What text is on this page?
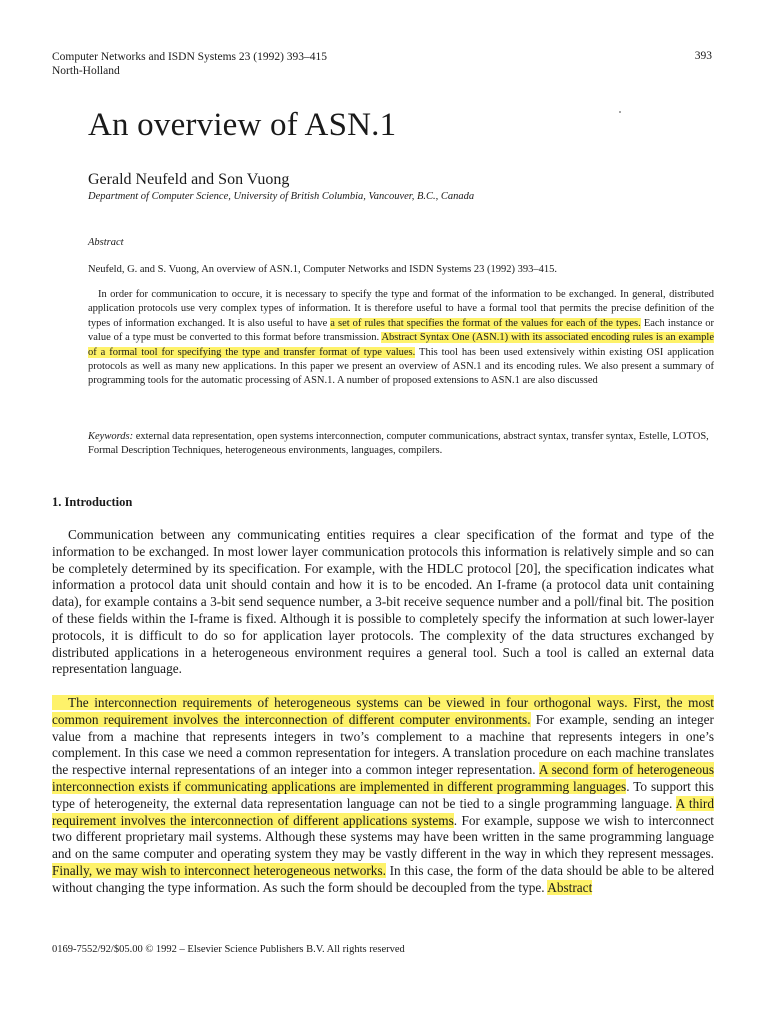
Computer Networks and ISDN Systems 23 (1992) 393–415
North-Holland
393
An overview of ASN.1
Gerald Neufeld and Son Vuong
Department of Computer Science, University of British Columbia, Vancouver, B.C., Canada
Abstract
Neufeld, G. and S. Vuong, An overview of ASN.1, Computer Networks and ISDN Systems 23 (1992) 393–415.
In order for communication to occure, it is necessary to specify the type and format of the information to be exchanged. In general, distributed application protocols use very complex types of information. It is therefore useful to have a formal tool that permits the precise definition of the types of information exchanged. It is also useful to have a set of rules that specifies the format of the values for each of the types. Each instance or value of a type must be converted to this format before transmission. Abstract Syntax One (ASN.1) with its associated encoding rules is an example of a formal tool for specifying the type and transfer format of type values. This tool has been used extensively within existing OSI application protocols as well as many new applications. In this paper we present an overview of ASN.1 and its encoding rules. We also present a summary of programming tools for the automatic processing of ASN.1. A number of proposed extensions to ASN.1 are also discussed
Keywords: external data representation, open systems interconnection, computer communications, abstract syntax, transfer syntax, Estelle, LOTOS, Formal Description Techniques, heterogeneous environments, languages, compilers.
1. Introduction
Communication between any communicating entities requires a clear specification of the format and type of the information to be exchanged. In most lower layer communication protocols this information is relatively simple and so can be completely determined by its specification. For example, with the HDLC protocol [20], the specification indicates what information a protocol data unit should contain and how it is to be encoded. An I-frame (a protocol data unit containing data), for example contains a 3-bit send sequence number, a 3-bit receive sequence number and a poll/final bit. The position of these fields within the I-frame is fixed. Although it is possible to completely specify the information at such lower-layer protocols, it is difficult to do so for application layer protocols. The complexity of the data structures exchanged by distributed applications in a heterogeneous environment requires a general tool. Such a tool is called an external data representation language.
The interconnection requirements of heterogeneous systems can be viewed in four orthogonal ways. First, the most common requirement involves the interconnection of different computer environments. For example, sending an integer value from a machine that represents integers in two’s complement to a machine that represents integers in one’s complement. In this case we need a common representation for integers. A translation procedure on each machine translates the respective internal representations of an integer into a common integer representation. A second form of heterogeneous interconnection exists if communicating applications are implemented in different programming languages. To support this type of heterogeneity, the external data representation language can not be tied to a single programming language. A third requirement involves the interconnection of different applications systems. For example, suppose we wish to interconnect two different proprietary mail systems. Although these systems may have been written in the same programming language and on the same computer and operating system they may be vastly different in the way in which they represent messages. Finally, we may wish to interconnect heterogeneous networks. In this case, the form of the data should be able to be altered without changing the type information. As such the form should be decoupled from the type. Abstract
0169-7552/92/$05.00 © 1992 – Elsevier Science Publishers B.V. All rights reserved
